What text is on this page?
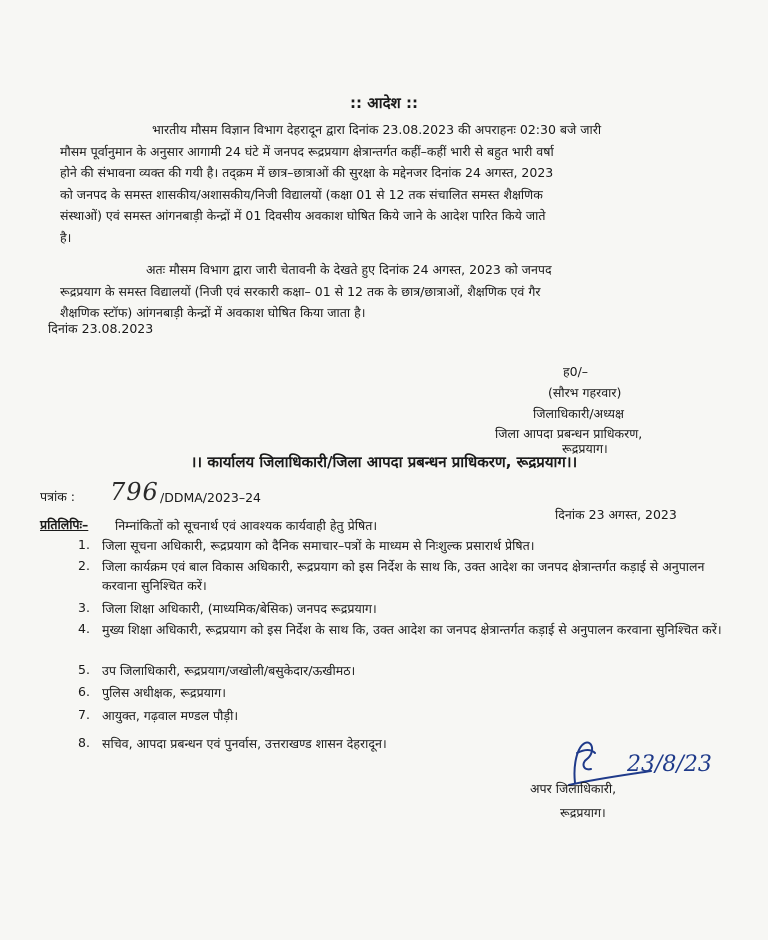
:: आदेश ::
भारतीय मौसम विज्ञान विभाग देहरादून द्वारा दिनांक 23.08.2023 की अपराहनः 02:30 बजे जारी
मौसम पूर्वानुमान के अनुसार आगामी 24 घंटे में जनपद रूद्रप्रयाग क्षेत्रान्तर्गत कहीं–कहीं भारी से बहुत भारी वर्षा
होने की संभावना व्यक्त की गयी है। तद्‌क्रम में छात्र–छात्राओं की सुरक्षा के मद्देनजर दिनांक 24 अगस्त, 2023
को जनपद के समस्त शासकीय/अशासकीय/निजी विद्यालयों (कक्षा 01 से 12 तक संचालित समस्त शैक्षणिक
संस्थाओं) एवं समस्त आंगनबाड़ी केन्द्रों में 01 दिवसीय अवकाश घोषित किये जाने के आदेश पारित किये जाते
है।
अतः मौसम विभाग द्वारा जारी चेतावनी के देखते हुए दिनांक 24 अगस्त, 2023 को जनपद
रूद्रप्रयाग के समस्त विद्यालयों (निजी एवं सरकारी कक्षा– 01 से 12 तक के छात्र/छात्राओं, शैक्षणिक एवं गैर
शैक्षणिक स्टॉफ) आंगनबाड़ी केन्द्रों में अवकाश घोषित किया जाता है।
दिनांक 23.08.2023
ह0/–
(सौरभ गहरवार)
जिलाधिकारी/अध्यक्ष
जिला आपदा प्रबन्धन प्राधिकरण,
रूद्रप्रयाग।
।। कार्यालय जिलाधिकारी/जिला आपदा प्रबन्धन प्राधिकरण, रूद्रप्रयाग।।
पत्रांक : 796 /DDMA/2023–24
दिनांक 23 अगस्त, 2023
प्रतिलिपिः– निम्नांकितों को सूचनार्थ एवं आवश्यक कार्यवाही हेतु प्रेषित।
1. जिला सूचना अधिकारी, रूद्रप्रयाग को दैनिक समाचार–पत्रों के माध्यम से निःशुल्क प्रसारार्थ प्रेषित।
2. जिला कार्यक्रम एवं बाल विकास अधिकारी, रूद्रप्रयाग को इस निर्देश के साथ कि, उक्त आदेश का जनपद क्षेत्रान्तर्गत कड़ाई से अनुपालन करवाना सुनिश्चित करें।
3. जिला शिक्षा अधिकारी, (माध्यमिक/बेसिक) जनपद रूद्रप्रयाग।
4. मुख्य शिक्षा अधिकारी, रूद्रप्रयाग को इस निर्देश के साथ कि, उक्त आदेश का जनपद क्षेत्रान्तर्गत कड़ाई से अनुपालन करवाना सुनिश्चित करें।
5. उप जिलाधिकारी, रूद्रप्रयाग/जखोली/बसुकेदार/ऊखीमठ।
6. पुलिस अधीक्षक, रूद्रप्रयाग।
7. आयुक्त, गढ़वाल मण्डल पौड़ी।
8. सचिव, आपदा प्रबन्धन एवं पुनर्वास, उत्तराखण्ड शासन देहरादून।
23/8/23
अपर जिलाधिकारी,
रूद्रप्रयाग।
